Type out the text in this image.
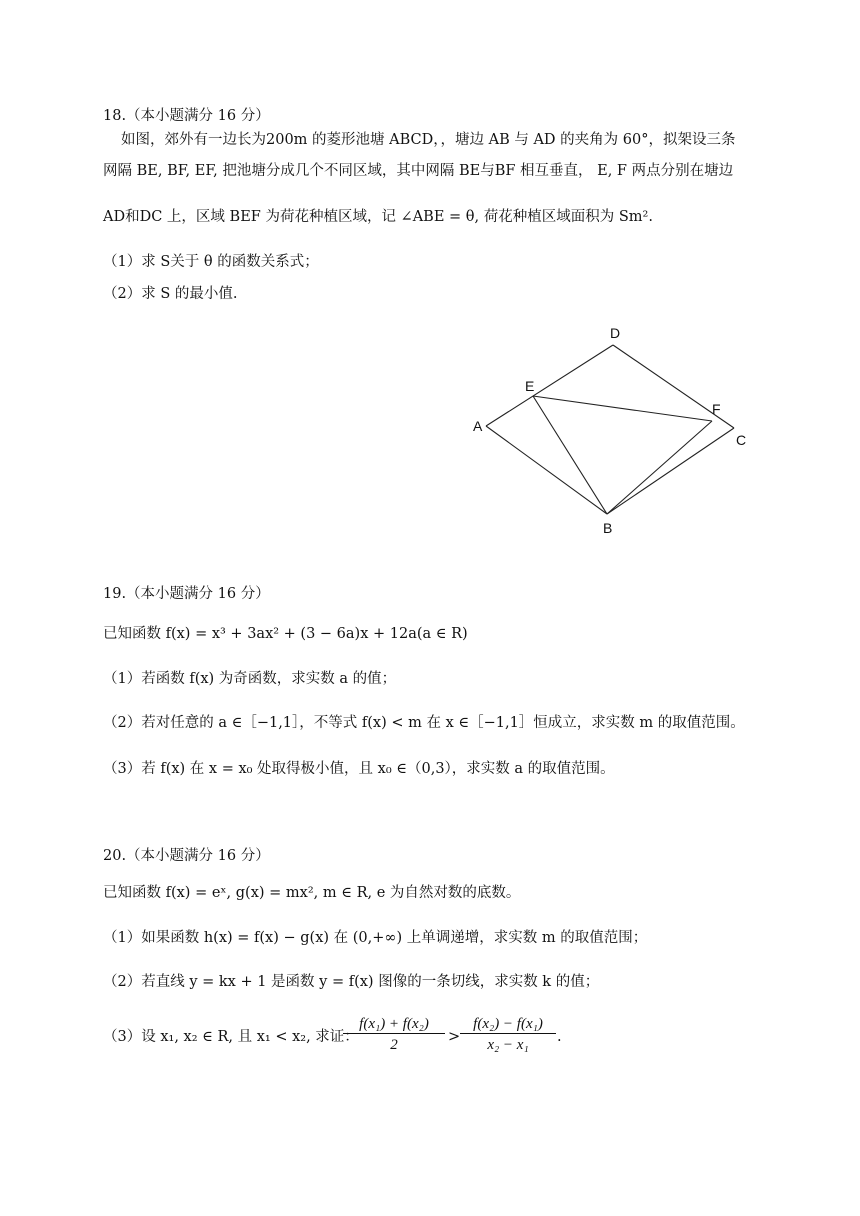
18.（本小题满分 16 分）
如图，郊外有一边长为200m 的菱形池塘 ABCD，，塘边 AB 与 AD 的夹角为 60°，拟架设三条
网隔 BE, BF, EF, 把池塘分成几个不同区域，其中网隔 BE与BF 相互垂直， E, F 两点分别在塘边
AD和DC 上，区域 BEF 为荷花种植区域，记 ∠ABE = θ, 荷花种植区域面积为 Sm².
（1）求 S关于 θ 的函数关系式；
（2）求 S 的最小值.
A
B
C
D
E
F
19.（本小题满分 16 分）
已知函数 f(x) = x³ + 3ax² + (3 − 6a)x + 12a(a ∈ R)
（1）若函数 f(x) 为奇函数，求实数 a 的值；
（2）若对任意的 a ∈［−1,1］，不等式 f(x) < m 在 x ∈［−1,1］恒成立，求实数 m 的取值范围。
（3）若 f(x) 在 x = x₀ 处取得极小值，且 x₀ ∈（0,3），求实数 a 的取值范围。
20.（本小题满分 16 分）
已知函数 f(x) = eˣ, g(x) = mx², m ∈ R, e 为自然对数的底数。
（1）如果函数 h(x) = f(x) − g(x) 在 (0,+∞) 上单调递增，求实数 m 的取值范围；
（2）若直线 y = kx + 1 是函数 y = f(x) 图像的一条切线，求实数 k 的值；
（3）设 x₁, x₂ ∈ R, 且 x₁ < x₂, 求证：
$\frac{\text{f(x₁) + f(x₂)}}{2} > \frac{\text{f(x₂) − f(x₁)}}{\text{x₂ − x₁}}$ .
